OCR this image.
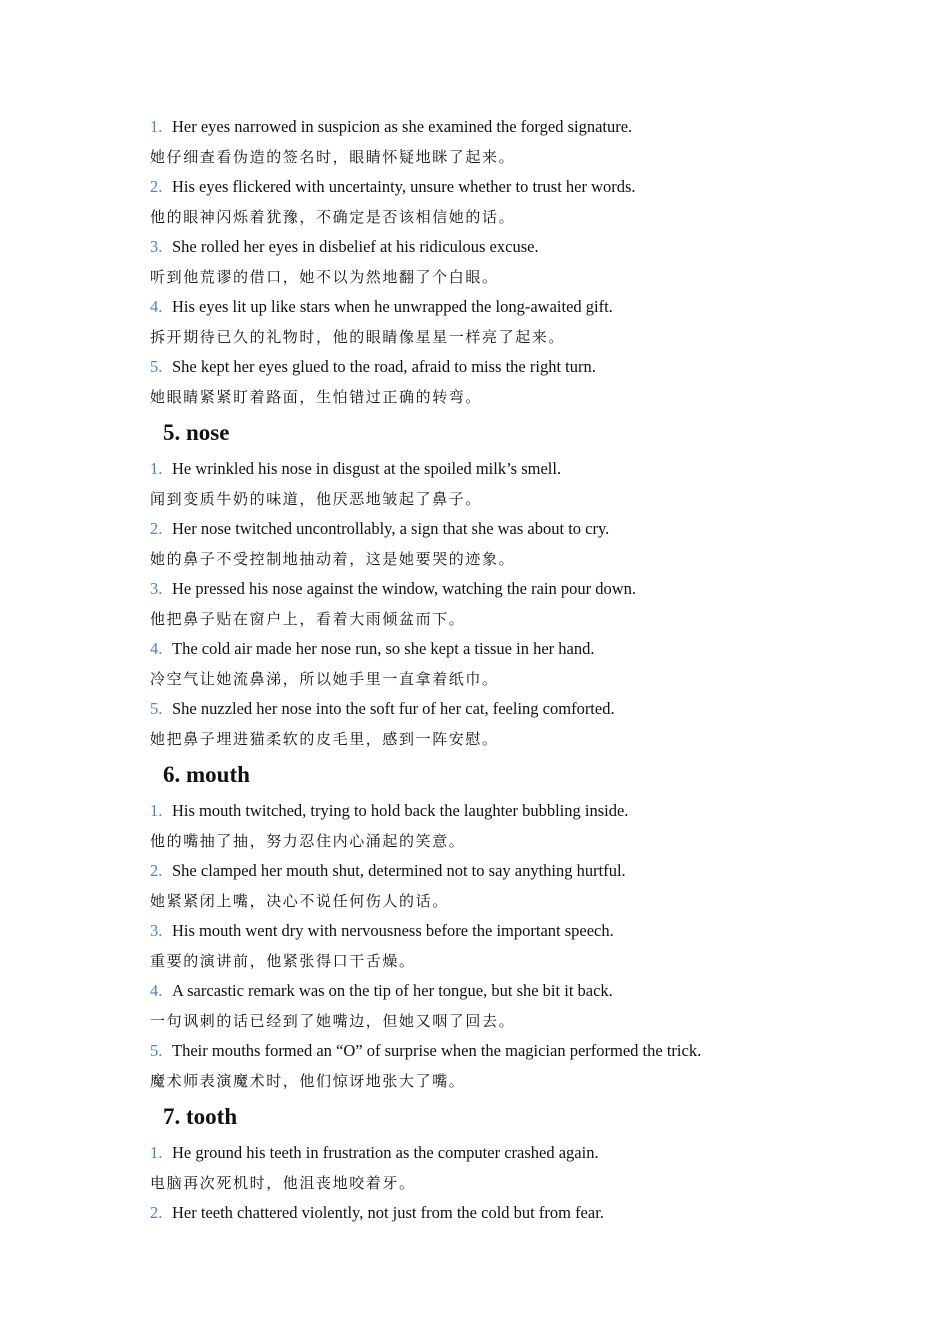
1. Her eyes narrowed in suspicion as she examined the forged signature.
她仔细查看伪造的签名时，眼睛怀疑地眯了起来。
2. His eyes flickered with uncertainty, unsure whether to trust her words.
他的眼神闪烁着犹豫，不确定是否该相信她的话。
3. She rolled her eyes in disbelief at his ridiculous excuse.
听到他荒谬的借口，她不以为然地翻了个白眼。
4. His eyes lit up like stars when he unwrapped the long-awaited gift.
拆开期待已久的礼物时，他的眼睛像星星一样亮了起来。
5. She kept her eyes glued to the road, afraid to miss the right turn.
她眼睛紧紧盯着路面，生怕错过正确的转弯。
5. nose
1. He wrinkled his nose in disgust at the spoiled milk’s smell.
闻到变质牛奶的味道，他厌恶地皱起了鼻子。
2. Her nose twitched uncontrollably, a sign that she was about to cry.
她的鼻子不受控制地抽动着，这是她要哭的迹象。
3. He pressed his nose against the window, watching the rain pour down.
他把鼻子贴在窗户上，看着大雨倾盆而下。
4. The cold air made her nose run, so she kept a tissue in her hand.
冷空气让她流鼻涕，所以她手里一直拿着纸巾。
5. She nuzzled her nose into the soft fur of her cat, feeling comforted.
她把鼻子埋进猫柔软的皮毛里，感到一阵安慰。
6. mouth
1. His mouth twitched, trying to hold back the laughter bubbling inside.
他的嘴抽了抽，努力忍住内心涌起的笑意。
2. She clamped her mouth shut, determined not to say anything hurtful.
她紧紧闭上嘴，决心不说任何伤人的话。
3. His mouth went dry with nervousness before the important speech.
重要的演讲前，他紧张得口干舌燥。
4. A sarcastic remark was on the tip of her tongue, but she bit it back.
一句讽刺的话已经到了她嘴边，但她又咽了回去。
5. Their mouths formed an “O” of surprise when the magician performed the trick.
魔术师表演魔术时，他们惊讶地张大了嘴。
7. tooth
1. He ground his teeth in frustration as the computer crashed again.
电脑再次死机时，他沮丧地咬着牙。
2. Her teeth chattered violently, not just from the cold but from fear.
